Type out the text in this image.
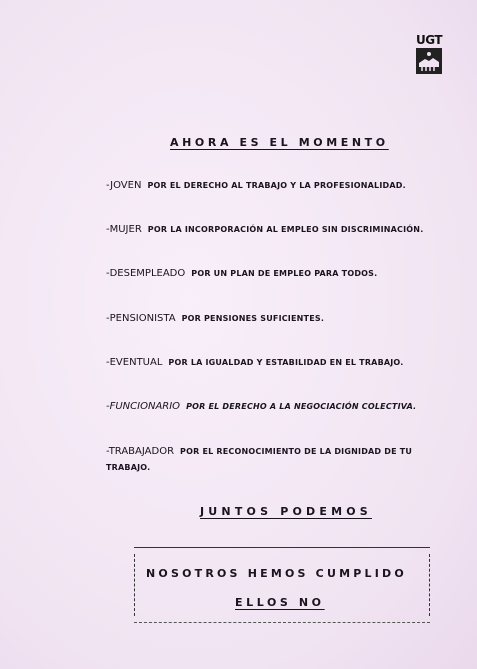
UGT
AHORA ES EL MOMENTO
-JOVEN POR EL DERECHO AL TRABAJO Y LA PROFESIONALIDAD.
-MUJER POR LA INCORPORACIÓN AL EMPLEO SIN DISCRIMINACIÓN.
-DESEMPLEADO POR UN PLAN DE EMPLEO PARA TODOS.
-PENSIONISTA POR PENSIONES SUFICIENTES.
-EVENTUAL POR LA IGUALDAD Y ESTABILIDAD EN EL TRABAJO.
-FUNCIONARIO POR EL DERECHO A LA NEGOCIACIÓN COLECTIVA.
-TRABAJADOR POR EL RECONOCIMIENTO DE LA DIGNIDAD DE TU TRABAJO.
JUNTOS PODEMOS
NOSOTROS HEMOS CUMPLIDO
ELLOS NO
